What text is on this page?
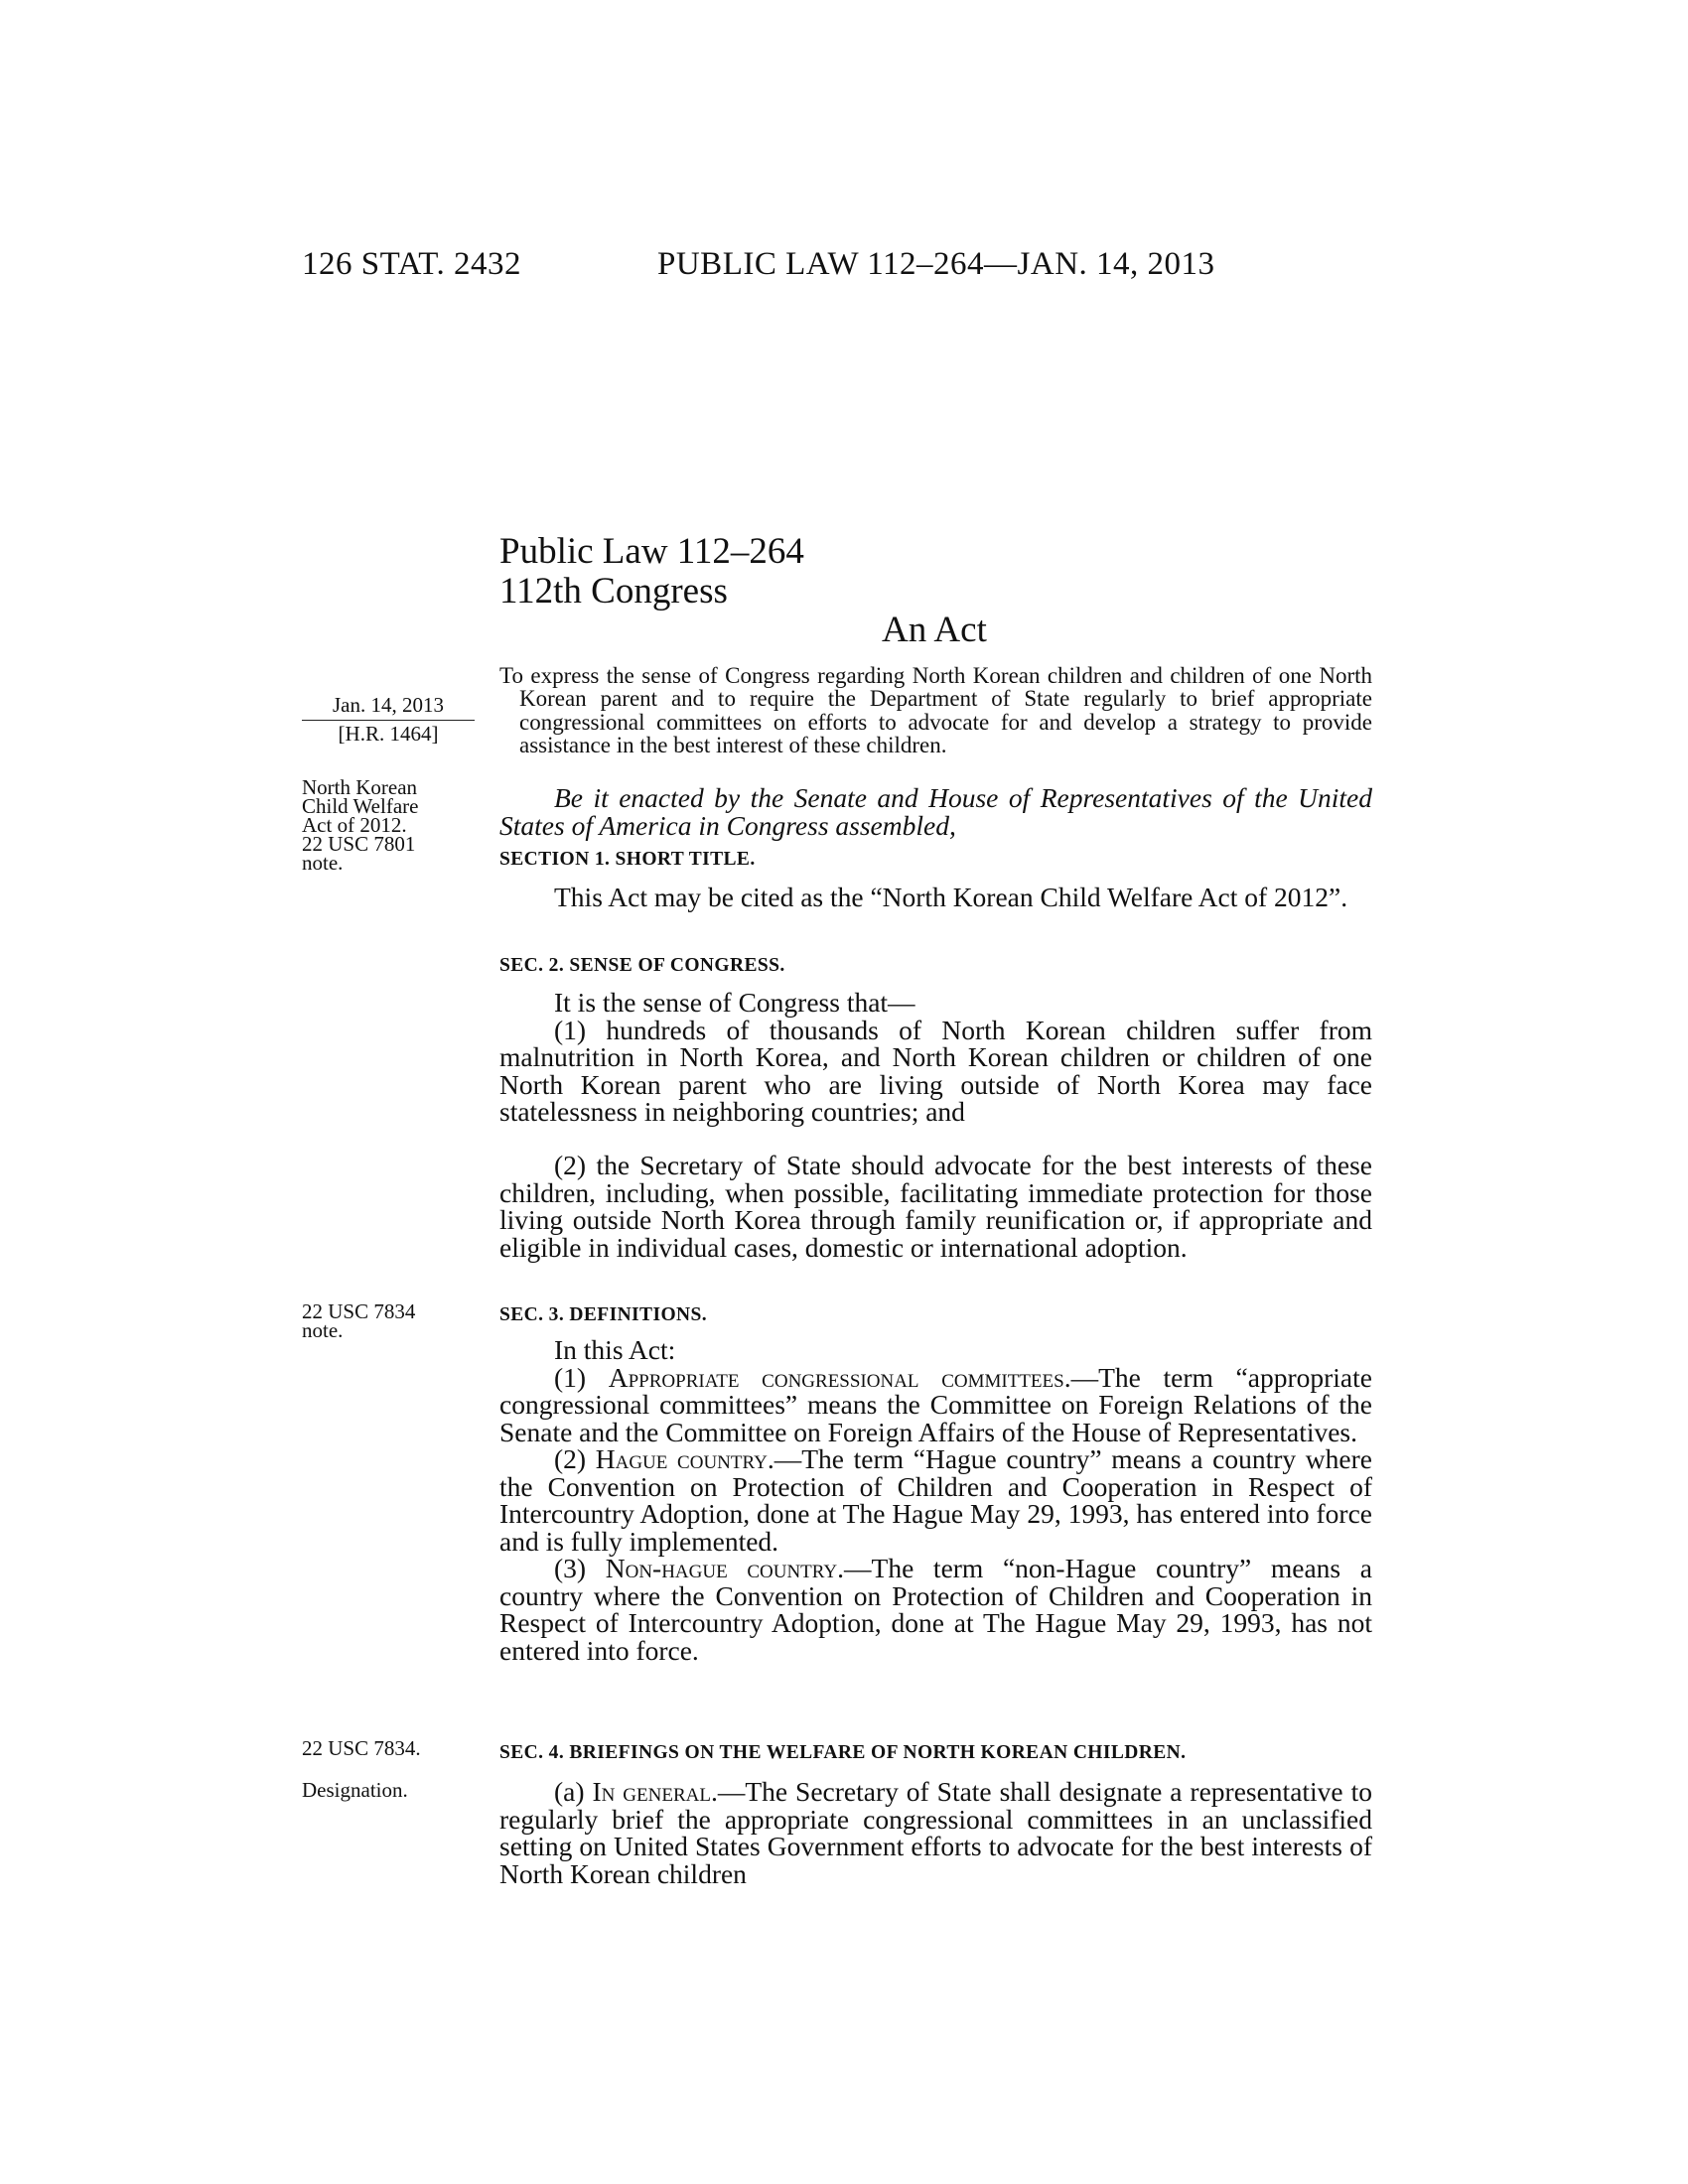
126 STAT. 2432	PUBLIC LAW 112–264—JAN. 14, 2013
Public Law 112–264
112th Congress
An Act

To express the sense of Congress regarding North Korean children and children of one North Korean parent and to require the Department of State regularly to brief appropriate congressional committees on efforts to advocate for and develop a strategy to provide assistance in the best interest of these children.

Jan. 14, 2013
[H.R. 1464]
North Korean
Child Welfare
Act of 2012.
22 USC 7801
note.
22 USC 7834
note.
22 USC 7834.
Designation.

Be it enacted by the Senate and House of Representatives of the United States of America in Congress assembled,

SECTION 1. SHORT TITLE.

This Act may be cited as the “North Korean Child Welfare Act of 2012”.

SEC. 2. SENSE OF CONGRESS.

It is the sense of Congress that—

(1) hundreds of thousands of North Korean children suffer from malnutrition in North Korea, and North Korean children or children of one North Korean parent who are living outside of North Korea may face statelessness in neighboring countries; and

(2) the Secretary of State should advocate for the best interests of these children, including, when possible, facilitating immediate protection for those living outside North Korea through family reunification or, if appropriate and eligible in individual cases, domestic or international adoption.

SEC. 3. DEFINITIONS.

In this Act:

(1) Appropriate congressional committees.—The term “appropriate congressional committees” means the Committee on Foreign Relations of the Senate and the Committee on Foreign Affairs of the House of Representatives.

(2) Hague country.—The term “Hague country” means a country where the Convention on Protection of Children and Cooperation in Respect of Intercountry Adoption, done at The Hague May 29, 1993, has entered into force and is fully implemented.

(3) Non-hague country.—The term “non-Hague country” means a country where the Convention on Protection of Children and Cooperation in Respect of Intercountry Adoption, done at The Hague May 29, 1993, has not entered into force.

SEC. 4. BRIEFINGS ON THE WELFARE OF NORTH KOREAN CHILDREN.

(a) In general.—The Secretary of State shall designate a representative to regularly brief the appropriate congressional committees in an unclassified setting on United States Government efforts to advocate for the best interests of North Korean children
